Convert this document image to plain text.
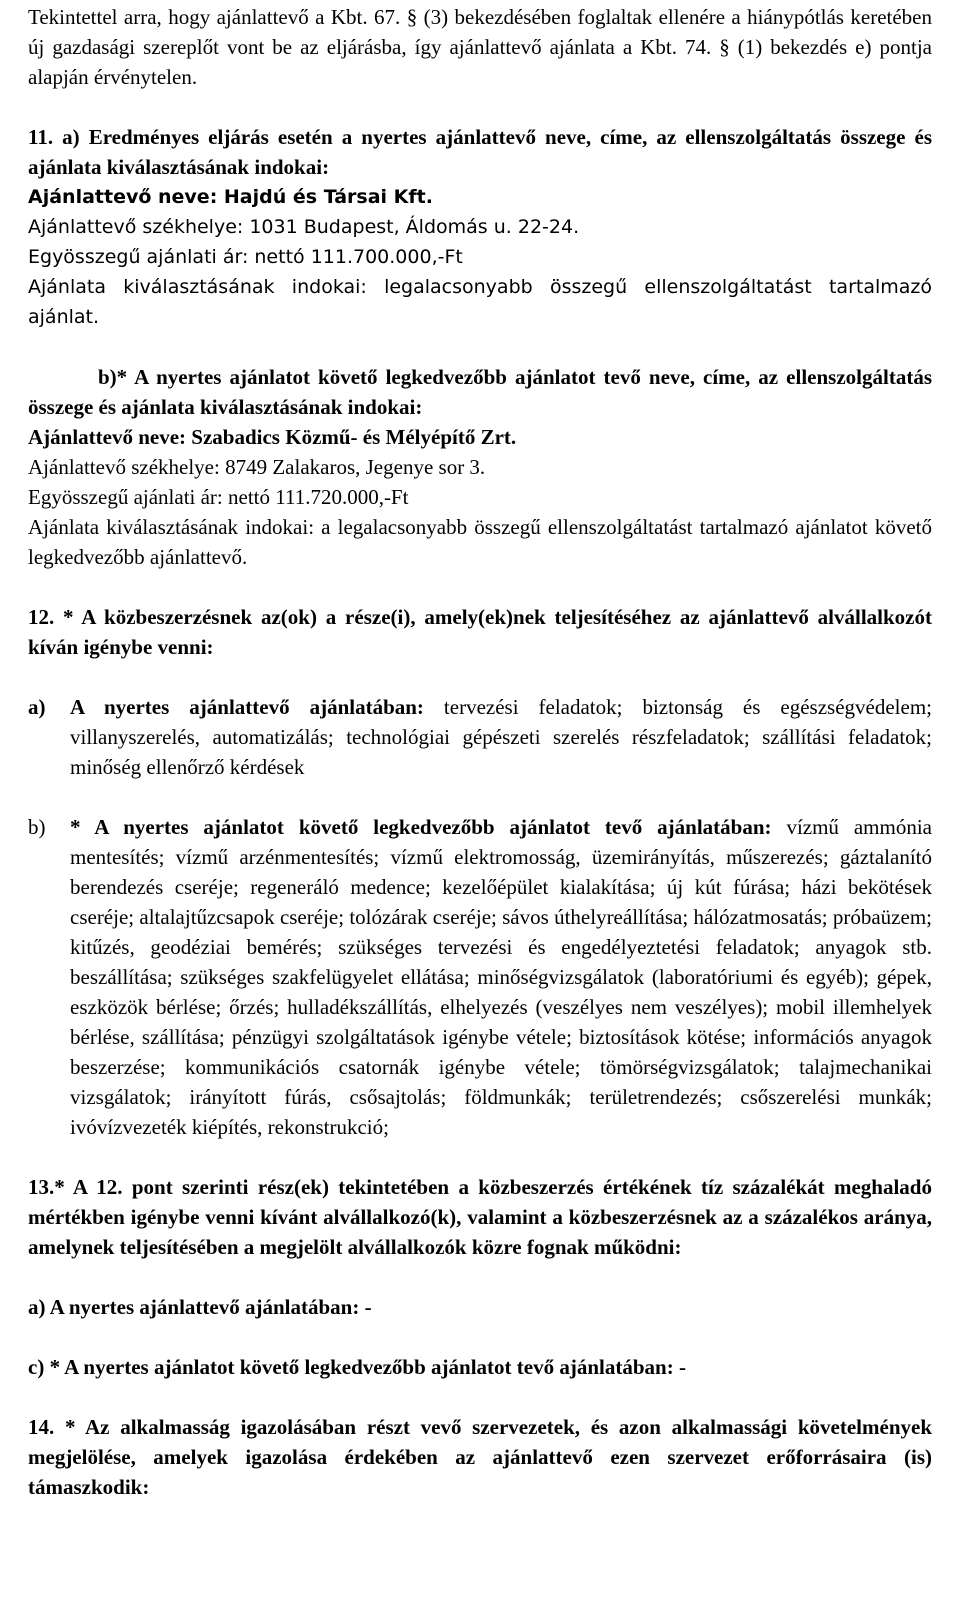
Tekintettel arra, hogy ajánlattevő a Kbt. 67. § (3) bekezdésében foglaltak ellenére a hiánypótlás keretében új gazdasági szereplőt vont be az eljárásba, így ajánlattevő ajánlata a Kbt. 74. § (1) bekezdés e) pontja alapján érvénytelen.

11. a) Eredményes eljárás esetén a nyertes ajánlattevő neve, címe, az ellenszolgáltatás összege és ajánlata kiválasztásának indokai:

Ajánlattevő neve: Hajdú és Társai Kft.

Ajánlattevő székhelye: 1031 Budapest, Áldomás u. 22-24.

Egyösszegű ajánlati ár: nettó 111.700.000,-Ft

Ajánlata kiválasztásának indokai: legalacsonyabb összegű ellenszolgáltatást tartalmazó ajánlat.

b)* A nyertes ajánlatot követő legkedvezőbb ajánlatot tevő neve, címe, az ellenszolgáltatás összege és ajánlata kiválasztásának indokai:

Ajánlattevő neve: Szabadics Közmű- és Mélyépítő Zrt.

Ajánlattevő székhelye: 8749 Zalakaros, Jegenye sor 3.

Egyösszegű ajánlati ár: nettó 111.720.000,-Ft

Ajánlata kiválasztásának indokai: a legalacsonyabb összegű ellenszolgáltatást tartalmazó ajánlatot követő legkedvezőbb ajánlattevő.

12. * A közbeszerzésnek az(ok) a része(i), amely(ek)nek teljesítéséhez az ajánlattevő alvállalkozót kíván igénybe venni:

a)	A nyertes ajánlattevő ajánlatában: tervezési feladatok; biztonság és egészségvédelem; villanyszerelés, automatizálás; technológiai gépészeti szerelés részfeladatok; szállítási feladatok; minőség ellenőrző kérdések
b)	* A nyertes ajánlatot követő legkedvezőbb ajánlatot tevő ajánlatában: vízmű ammónia mentesítés; vízmű arzénmentesítés; vízmű elektromosság, üzemirányítás, műszerezés; gáztalanító berendezés cseréje; regeneráló medence; kezelőépület kialakítása; új kút fúrása; házi bekötések cseréje; altalajtűzcsapok cseréje; tolózárak cseréje; sávos úthelyreállítása; hálózatmosatás; próbaüzem; kitűzés, geodéziai bemérés; szükséges tervezési és engedélyeztetési feladatok; anyagok stb. beszállítása; szükséges szakfelügyelet ellátása; minőségvizsgálatok (laboratóriumi és egyéb); gépek, eszközök bérlése; őrzés; hulladékszállítás, elhelyezés (veszélyes nem veszélyes); mobil illemhelyek bérlése, szállítása; pénzügyi szolgáltatások igénybe vétele; biztosítások kötése; információs anyagok beszerzése; kommunikációs csatornák igénybe vétele; tömörségvizsgálatok; talajmechanikai vizsgálatok; irányított fúrás, csősajtolás; földmunkák; területrendezés; csőszerelési munkák; ivóvízvezeték kiépítés, rekonstrukció;

13.* A 12. pont szerinti rész(ek) tekintetében a közbeszerzés értékének tíz százalékát meghaladó mértékben igénybe venni kívánt alvállalkozó(k), valamint a közbeszerzésnek az a százalékos aránya, amelynek teljesítésében a megjelölt alvállalkozók közre fognak működni:

a) A nyertes ajánlattevő ajánlatában: -

c) * A nyertes ajánlatot követő legkedvezőbb ajánlatot tevő ajánlatában: -

14. * Az alkalmasság igazolásában részt vevő szervezetek, és azon alkalmassági követelmények megjelölése, amelyek igazolása érdekében az ajánlattevő ezen szervezet erőforrásaira (is) támaszkodik:
